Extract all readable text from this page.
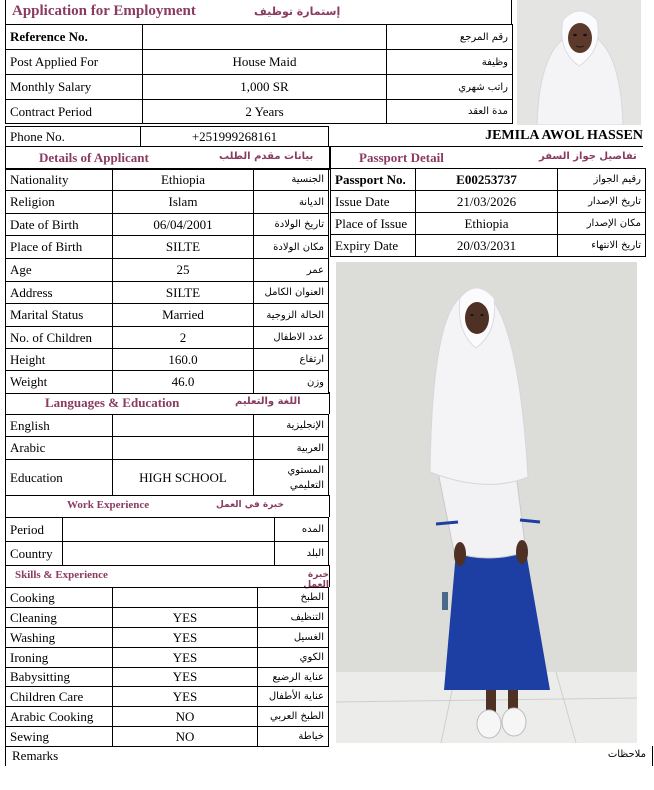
Application for Employment	إستمارة توظيف
Reference No.		رقم المرجع
Post Applied For	House Maid	وظيفة
Monthly Salary	1,000 SR	راتب شهري
Contract Period	2 Years	مدة العقد
Phone No.	+251999268161	JEMILA AWOL HASSEN
Details of Applicant	بيانات مقدم الطلب
Nationality	Ethiopia	الجنسية
Religion	Islam	الديانة
Date of Birth	06/04/2001	تاريخ الولادة
Place of Birth	SILTE	مكان الولادة
Age	25	عمر
Address	SILTE	العنوان الكامل
Marital Status	Married	الحالة الزوجية
No. of Children	2	عدد الاطفال
Height	160.0	ارتفاع
Weight	46.0	وزن
Languages & Education	اللغة والتعليم
English		الإنجليزية
Arabic		العربية
Education	HIGH SCHOOL	المستوي التعليمي
Work Experience	خبرة في العمل
Period		المده
Country		البلد
Skills & Experience	خبرة العمل
Cooking		الطبخ
Cleaning	YES	التنظيف
Washing	YES	الغسيل
Ironing	YES	الكوي
Babysitting	YES	عناية الرضيع
Children Care	YES	عناية الأطفال
Arabic Cooking	NO	الطبخ العربي
Sewing	NO	خياطة
Remarks	ملاحظات
Passport Detail	تفاصيل جواز السفر
Passport No.	E00253737	رقيم الجواز
Issue Date	21/03/2026	تاريخ الإصدار
Place of Issue	Ethiopia	مكان الإصدار
Expiry Date	20/03/2031	تاريخ الانتهاء
